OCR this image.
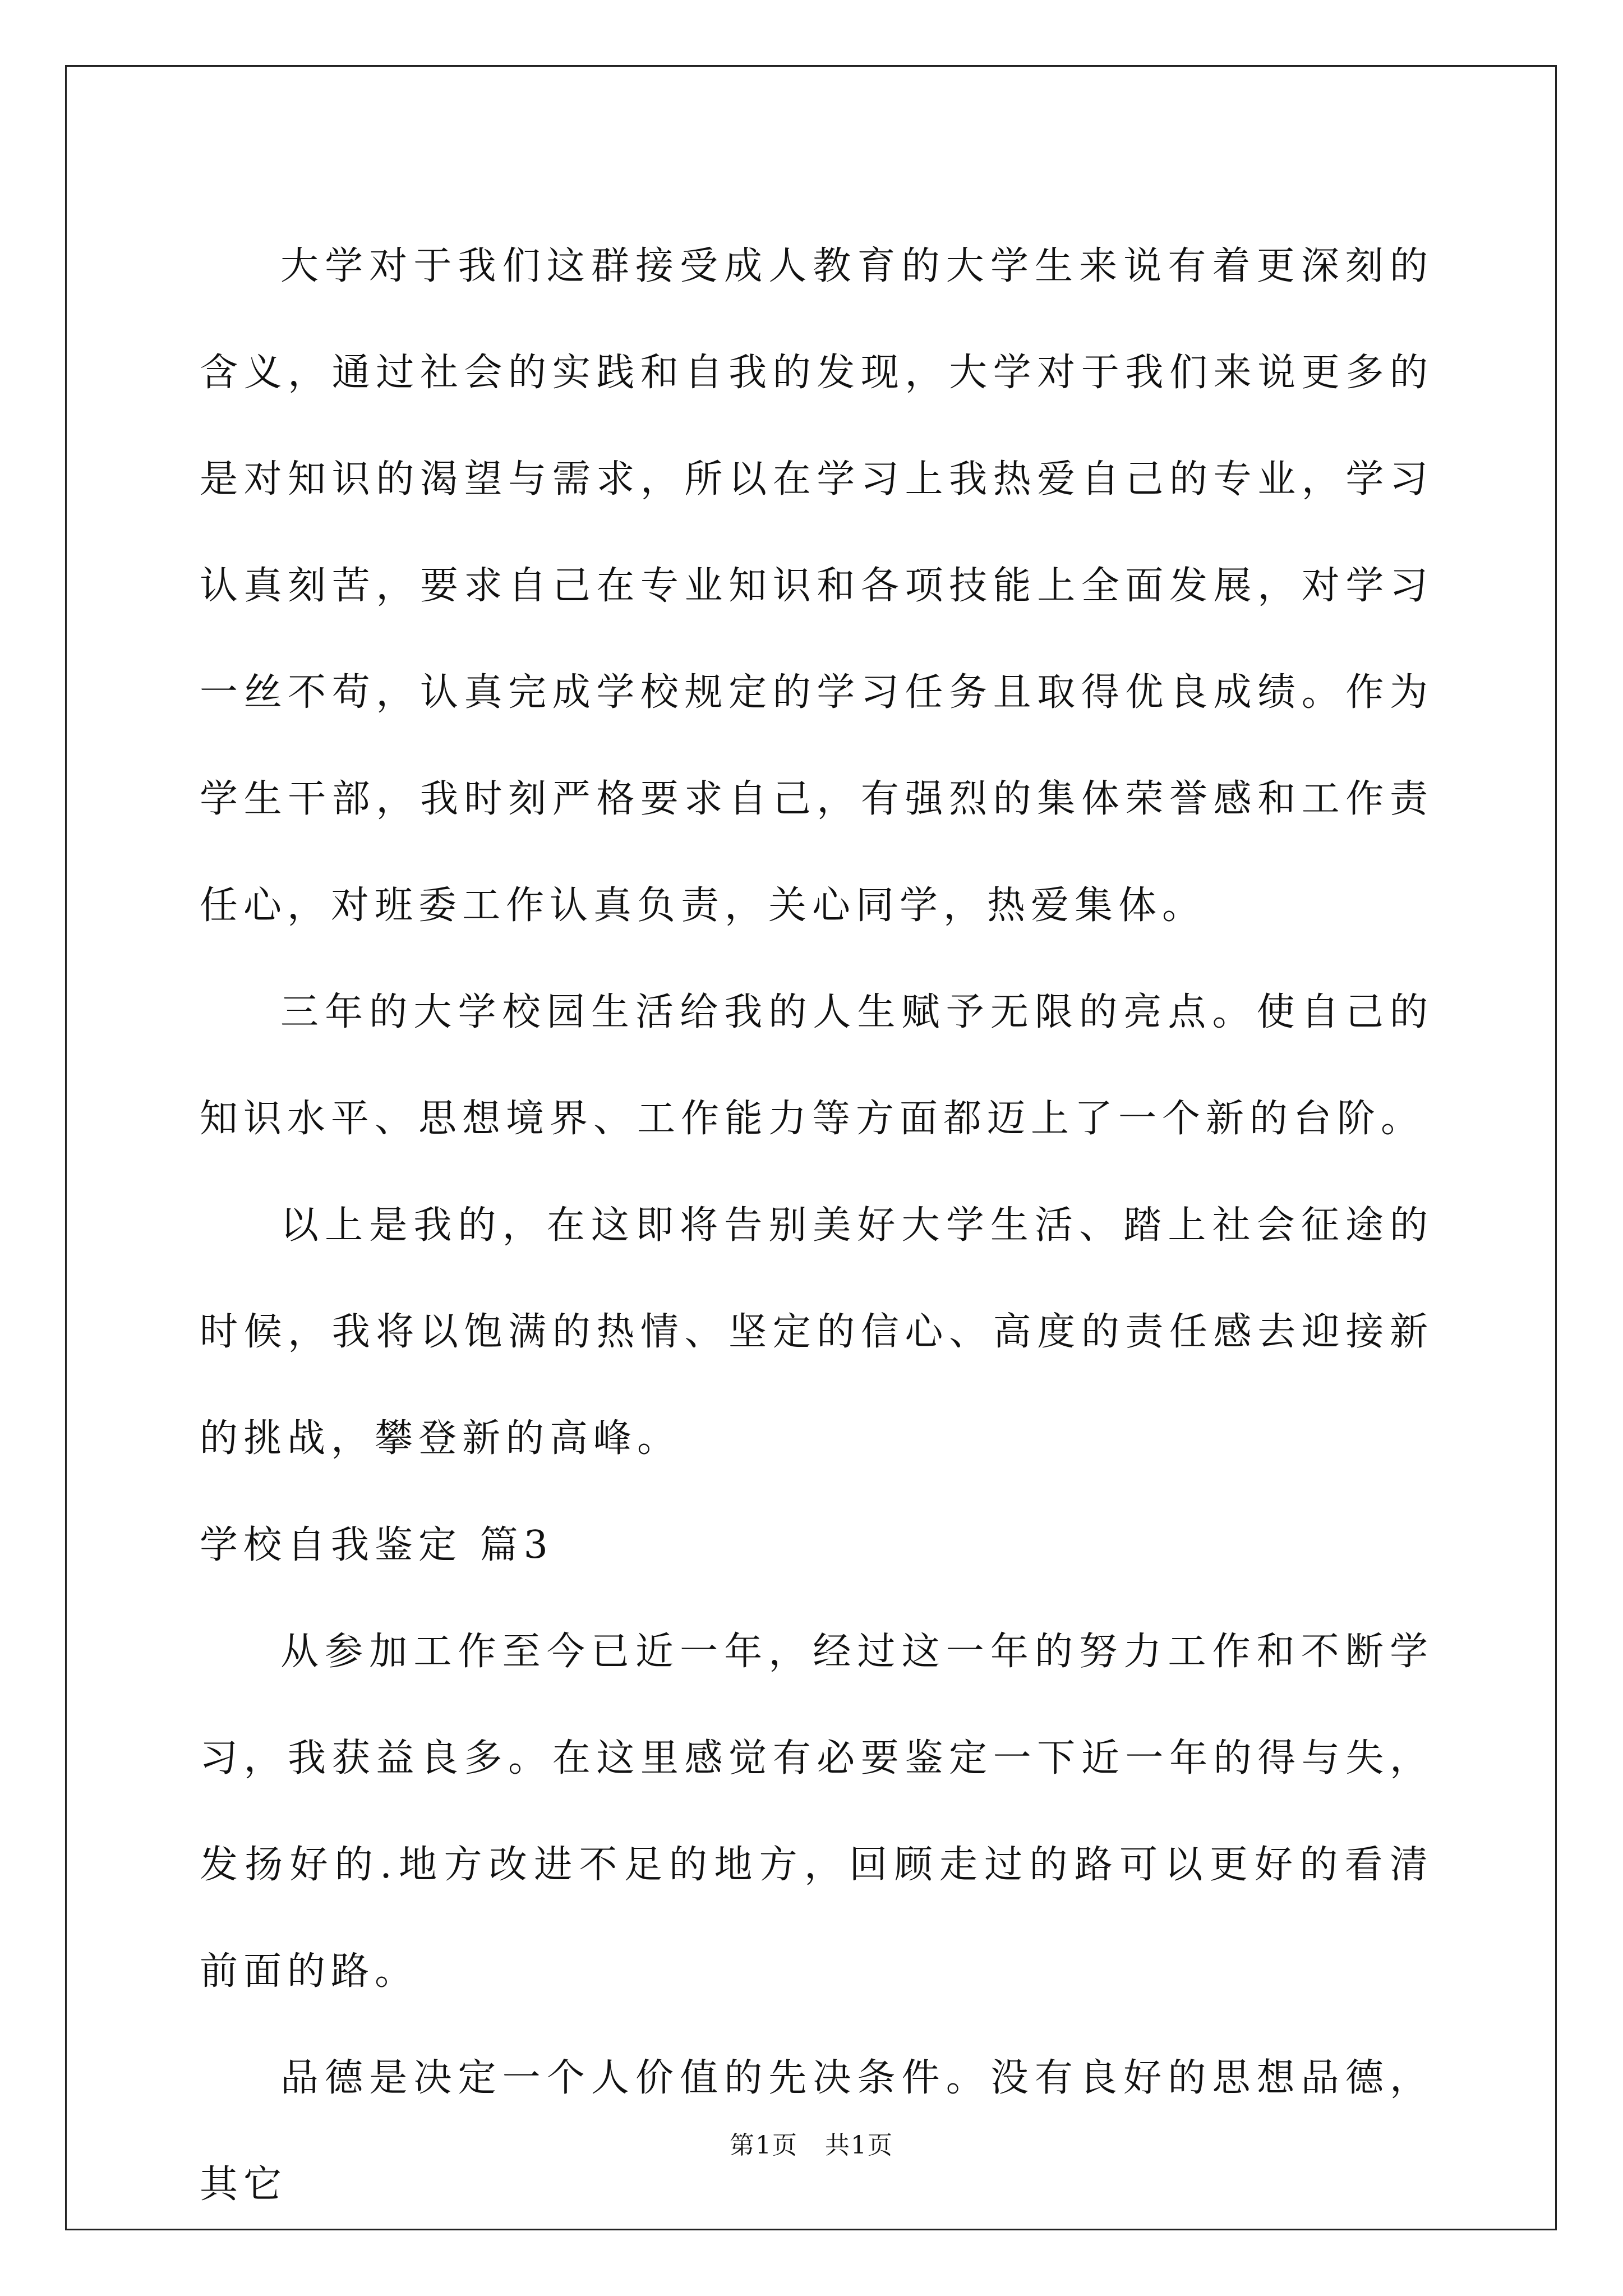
大学对于我们这群接受成人教育的大学生来说有着更深刻的含义，通过社会的实践和自我的发现，大学对于我们来说更多的是对知识的渴望与需求，所以在学习上我热爱自己的专业，学习认真刻苦，要求自己在专业知识和各项技能上全面发展，对学习一丝不苟，认真完成学校规定的学习任务且取得优良成绩。作为学生干部，我时刻严格要求自己，有强烈的集体荣誉感和工作责任心，对班委工作认真负责，关心同学，热爱集体。

三年的大学校园生活给我的人生赋予无限的亮点。使自己的知识水平、思想境界、工作能力等方面都迈上了一个新的台阶。

以上是我的，在这即将告别美好大学生活、踏上社会征途的时候，我将以饱满的热情、坚定的信心、高度的责任感去迎接新的挑战，攀登新的高峰。

学校自我鉴定 篇3

从参加工作至今已近一年，经过这一年的努力工作和不断学习，我获益良多。在这里感觉有必要鉴定一下近一年的得与失，发扬好的.地方改进不足的地方，回顾走过的路可以更好的看清前面的路。

品德是决定一个人价值的先决条件。没有良好的思想品德，其它

第1页 共1页
